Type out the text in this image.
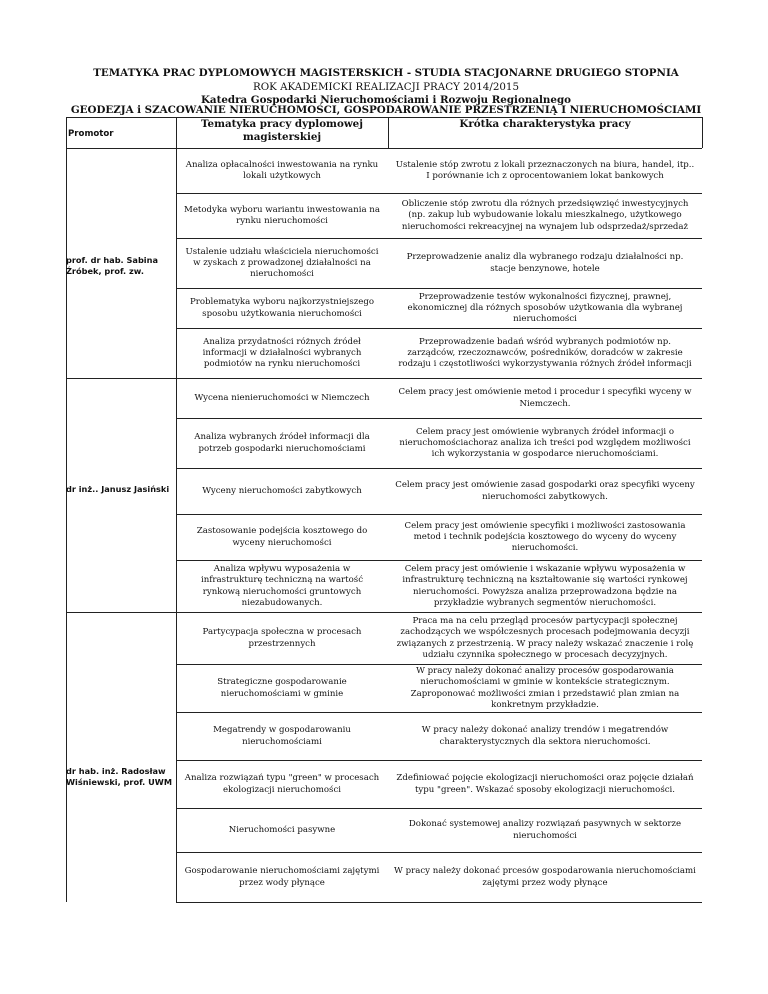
TEMATYKA PRAC DYPLOMOWYCH MAGISTERSKICH - STUDIA STACJONARNE DRUGIEGO STOPNIA
ROK AKADEMICKI REALIZACJI PRACY 2014/2015
Katedra Gospodarki Nieruchomościami i Rozwoju Regionalnego
GEODEZJA i SZACOWANIE NIERUCHOMOŚCI, GOSPODAROWANIE PRZESTRZENIĄ I NIERUCHOMOŚCIAMI
Promotor
Tematyka pracy dyplomowej magisterskiej
Krótka charakterystyka pracy
prof. dr hab. Sabina Źróbek, prof. zw.
Analiza opłacalności inwestowania na rynku lokali użytkowych
Ustalenie stóp zwrotu z lokali przeznaczonych na biura, handel, itp.. I porównanie ich z oprocentowaniem lokat bankowych
Metodyka wyboru wariantu inwestowania na rynku nieruchomości
Obliczenie stóp zwrotu dla różnych przedsięwzięć inwestycyjnych (np. zakup lub wybudowanie lokalu mieszkalnego, użytkowego nieruchomości rekreacyjnej na wynajem lub odsprzedaż/sprzedaż
Ustalenie udziału właściciela nieruchomości w zyskach z prowadzonej działalności na nieruchomości
Przeprowadzenie analiz dla wybranego rodzaju działalności np. stacje benzynowe, hotele
Problematyka wyboru najkorzystniejszego sposobu użytkowania nieruchomości
Przeprowadzenie testów wykonalności fizycznej, prawnej, ekonomicznej dla różnych sposobów użytkowania dla wybranej nieruchomości
Analiza przydatności różnych źródeł informacji w działalności wybranych podmiotów na rynku nieruchomości
Przeprowadzenie badań wśród wybranych podmiotów np. zarządców, rzeczoznawców, pośredników, doradców w zakresie rodzaju i częstotliwości wykorzystywania różnych źródeł informacji
dr inż.. Janusz Jasiński
Wycena nienieruchomości w Niemczech
Celem pracy jest omówienie metod i procedur i specyfiki wyceny w Niemczech.
Analiza wybranych źródeł informacji dla potrzeb gospodarki nieruchomościami
Celem pracy jest omówienie wybranych źródeł informacji o nieruchomościachoraz analiza ich treści pod względem możliwości ich wykorzystania w gospodarce nieruchomościami.
Wyceny nieruchomości zabytkowych
Celem pracy jest omówienie zasad gospodarki oraz specyfiki wyceny nieruchomości zabytkowych.
Zastosowanie podejścia kosztowego do wyceny nieruchomości
Celem pracy jest omówienie specyfiki i możliwości zastosowania metod i technik podejścia kosztowego do wyceny do wyceny nieruchomości.
Analiza wpływu wyposażenia w infrastrukturę techniczną na wartość rynkową nieruchomości gruntowych niezabudowanych.
Celem pracy jest omówienie i wskazanie wpływu wyposażenia w infrastrukturę techniczną na kształtowanie się wartości rynkowej nieruchomości. Powyższa analiza przeprowadzona będzie na przykładzie wybranych segmentów nieruchomości.
dr hab. inż. Radosław Wiśniewski, prof. UWM
Partycypacja społeczna w procesach przestrzennych
Praca ma na celu przegląd procesów partycypacji społecznej zachodzących we współczesnych procesach podejmowania decyzji związanych z przestrzenią. W pracy należy wskazać znaczenie i rolę udziału czynnika społecznego w procesach decyzyjnych.
Strategiczne gospodarowanie nieruchomościami w gminie
W pracy należy dokonać analizy procesów gospodarowania nieruchomościami w gminie w kontekście strategicznym. Zaproponować możliwości zmian i przedstawić plan zmian na konkretnym przykładzie.
Megatrendy w gospodarowaniu nieruchomościami
W pracy należy dokonać analizy trendów i megatrendów charakterystycznych dla sektora nieruchomości.
Analiza rozwiązań typu "green" w procesach ekologizacji nieruchomości
Zdefiniować pojęcie ekologizacji nieruchomości oraz pojęcie działań typu "green". Wskazać sposoby ekologizacji nieruchomości.
Nieruchomości pasywne
Dokonać systemowej analizy rozwiązań pasywnych w sektorze nieruchomości
Gospodarowanie nieruchomościami zajętymi przez wody płynące
W pracy należy dokonać prcesów gospodarowania nieruchomościami zajętymi przez wody płynące
